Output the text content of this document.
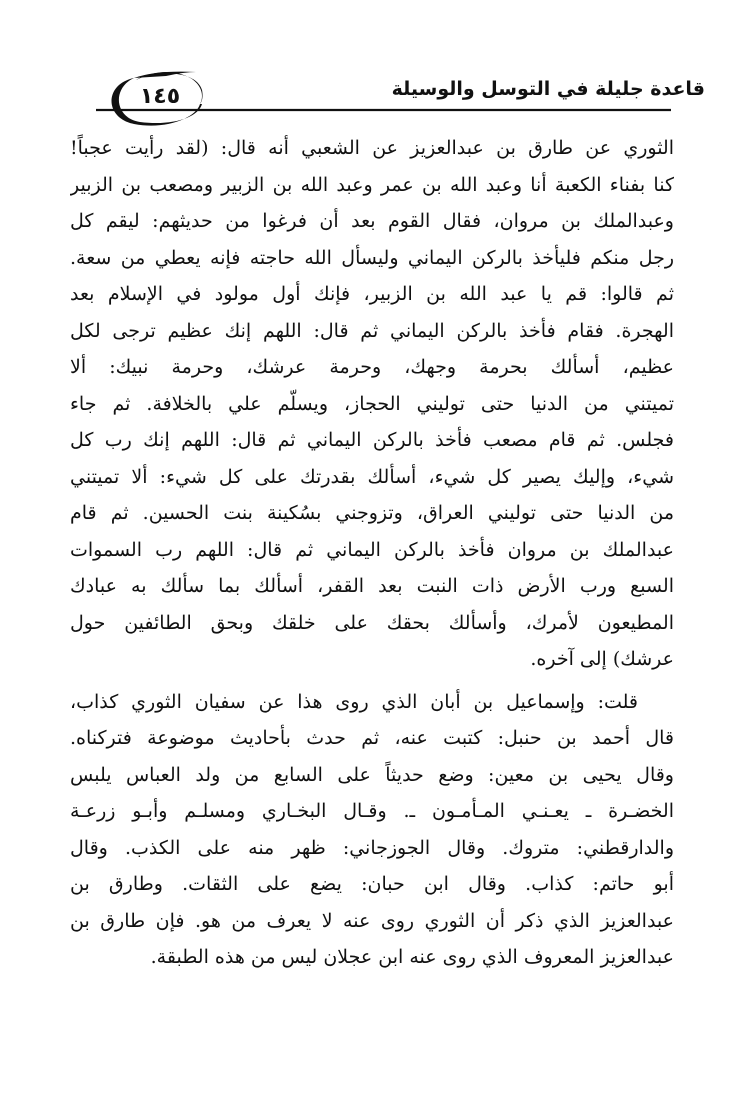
قاعدة جليلة في التوسل والوسيلة
١٤٥
الثوري عن طارق بن عبدالعزيز عن الشعبي أنه قال: (لقد رأيت عجباً!
كنا بفناء الكعبة أنا وعبد الله بن عمر وعبد الله بن الزبير ومصعب بن الزبير
وعبدالملك بن مروان، فقال القوم بعد أن فرغوا من حديثهم: ليقم كل
رجل منكم فليأخذ بالركن اليماني وليسأل الله حاجته فإنه يعطي من سعة.
ثم قالوا: قم يا عبد الله بن الزبير، فإنك أول مولود في الإسلام بعد
الهجرة. فقام فأخذ بالركن اليماني ثم قال: اللهم إنك عظيم ترجى لكل
عظيم، أسألك بحرمة وجهك، وحرمة عرشك، وحرمة نبيك: ألا
تميتني من الدنيا حتى توليني الحجاز، ويسلّم علي بالخلافة. ثم جاء
فجلس. ثم قام مصعب فأخذ بالركن اليماني ثم قال: اللهم إنك رب كل
شيء، وإليك يصير كل شيء، أسألك بقدرتك على كل شيء: ألا تميتني
من الدنيا حتى توليني العراق، وتزوجني بسُكينة بنت الحسين. ثم قام
عبدالملك بن مروان فأخذ بالركن اليماني ثم قال: اللهم رب السموات
السبع ورب الأرض ذات النبت بعد القفر، أسألك بما سألك به عبادك
المطيعون لأمرك، وأسألك بحقك على خلقك وبحق الطائفين حول
عرشك) إلى آخره.
قلت: وإسماعيل بن أبان الذي روى هذا عن سفيان الثوري كذاب،
قال أحمد بن حنبل: كتبت عنه، ثم حدث بأحاديث موضوعة فتركناه.
وقال يحيى بن معين: وضع حديثاً على السابع من ولد العباس يلبس
الخضـرة ـ يعـنـي المـأمـون ـ. وقـال البخـاري ومسلـم وأبـو زرعـة
والدارقطني: متروك. وقال الجوزجاني: ظهر منه على الكذب. وقال
أبو حاتم: كذاب. وقال ابن حبان: يضع على الثقات. وطارق بن
عبدالعزيز الذي ذكر أن الثوري روى عنه لا يعرف من هو. فإن طارق بن
عبدالعزيز المعروف الذي روى عنه ابن عجلان ليس من هذه الطبقة.
